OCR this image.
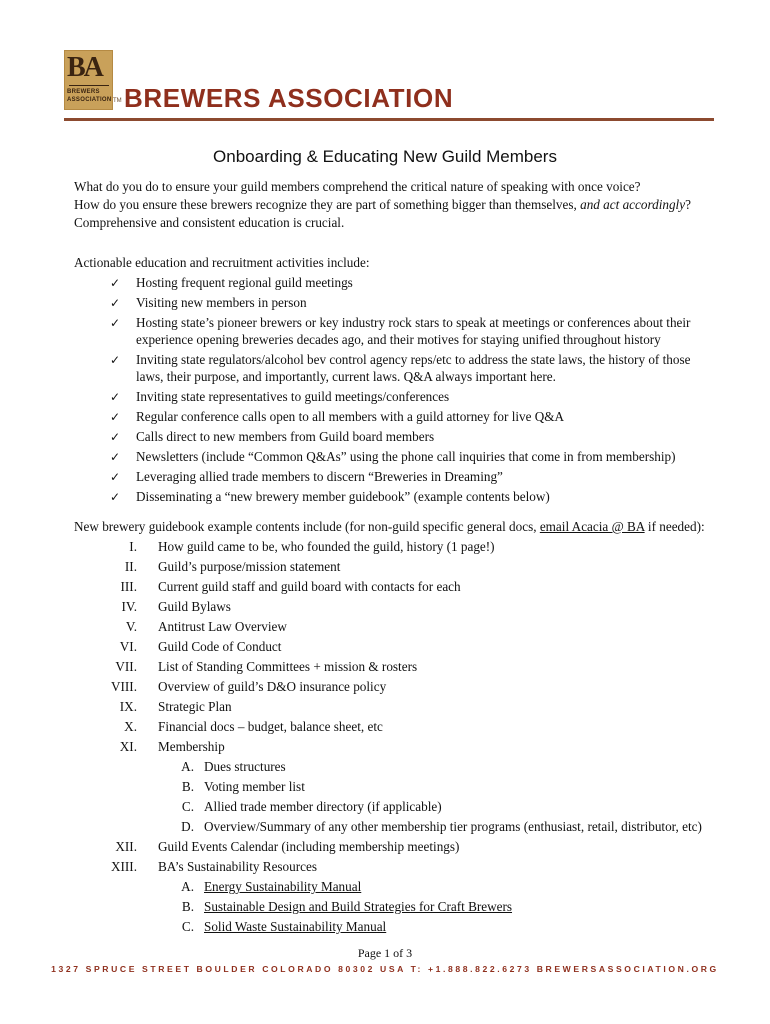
BA
BREWERS
ASSOCIATION TM BREWERS ASSOCIATION
Onboarding & Educating New Guild Members
What do you do to ensure your guild members comprehend the critical nature of speaking with once voice?
How do you ensure these brewers recognize they are part of something bigger than themselves, and act accordingly?
Comprehensive and consistent education is crucial.
Actionable education and recruitment activities include:
✓ Hosting frequent regional guild meetings
✓ Visiting new members in person
✓ Hosting state’s pioneer brewers or key industry rock stars to speak at meetings or conferences about their
experience opening breweries decades ago, and their motives for staying unified throughout history
✓ Inviting state regulators/alcohol bev control agency reps/etc to address the state laws, the history of those
laws, their purpose, and importantly, current laws. Q&A always important here.
✓ Inviting state representatives to guild meetings/conferences
✓ Regular conference calls open to all members with a guild attorney for live Q&A
✓ Calls direct to new members from Guild board members
✓ Newsletters (include “Common Q&As” using the phone call inquiries that come in from membership)
✓ Leveraging allied trade members to discern “Breweries in Dreaming”
✓ Disseminating a “new brewery member guidebook” (example contents below)
New brewery guidebook example contents include (for non-guild specific general docs, email Acacia @ BA if needed):
I. How guild came to be, who founded the guild, history (1 page!)
II. Guild’s purpose/mission statement
III. Current guild staff and guild board with contacts for each
IV. Guild Bylaws
V. Antitrust Law Overview
VI. Guild Code of Conduct
VII. List of Standing Committees + mission & rosters
VIII. Overview of guild’s D&O insurance policy
IX. Strategic Plan
X. Financial docs – budget, balance sheet, etc
XI. Membership
A. Dues structures
B. Voting member list
C. Allied trade member directory (if applicable)
D. Overview/Summary of any other membership tier programs (enthusiast, retail, distributor, etc)
XII. Guild Events Calendar (including membership meetings)
XIII. BA’s Sustainability Resources
A. Energy Sustainability Manual
B. Sustainable Design and Build Strategies for Craft Brewers
C. Solid Waste Sustainability Manual
Page 1 of 3
1327 SPRUCE STREET BOULDER COLORADO 80302 USA T: +1.888.822.6273 BREWERSASSOCIATION.ORG
